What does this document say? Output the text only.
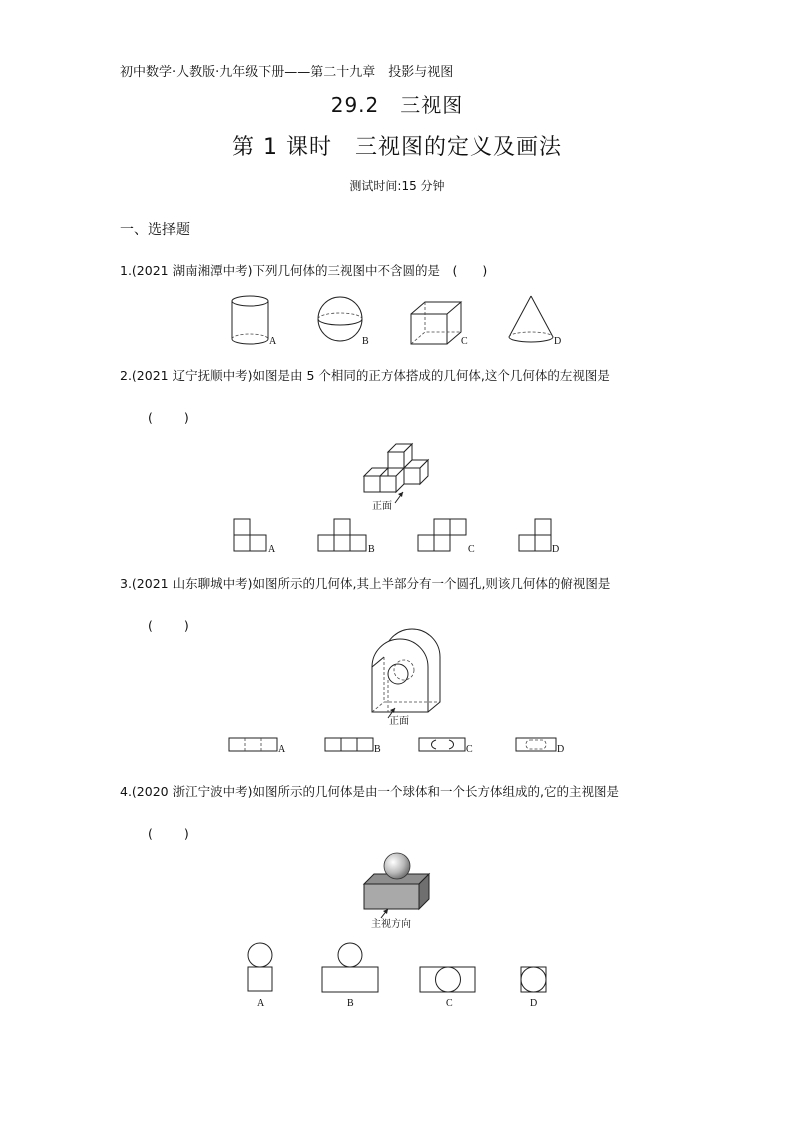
初中数学·人教版·九年级下册——第二十九章　投影与视图
29.2　三视图
第 1 课时　三视图的定义及画法
测试时间:15 分钟
一、选择题
1.(2021 湖南湘潭中考)下列几何体的三视图中不含圆的是　(　　)
A	B	C	D
2.(2021 辽宁抚顺中考)如图是由 5 个相同的正方体搭成的几何体,这个几何体的左视图是
(　　)
正面
A	B	C	D
3.(2021 山东聊城中考)如图所示的几何体,其上半部分有一个圆孔,则该几何体的俯视图是
(　　)
正面
A	B	C	D
4.(2020 浙江宁波中考)如图所示的几何体是由一个球体和一个长方体组成的,它的主视图是
(　　)
主视方向
A	B	C	D
